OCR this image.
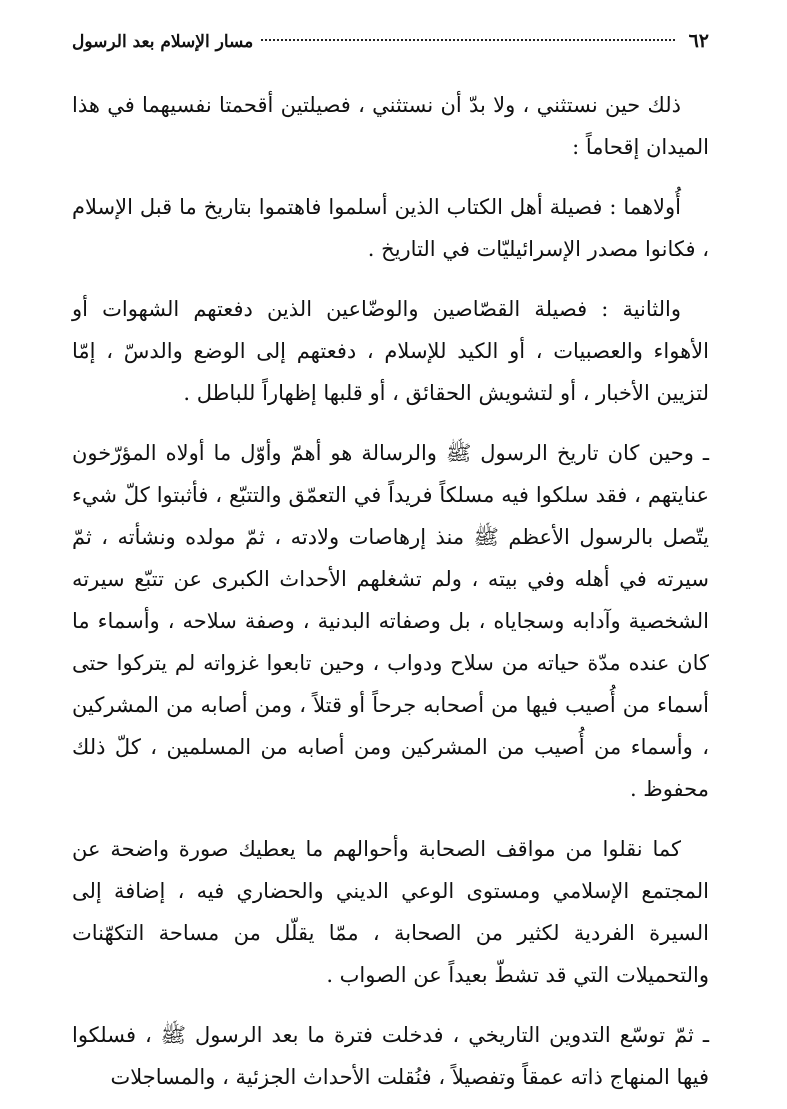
٦٢
مسار الإسلام بعد الرسول

ذلك حين نستثني ، ولا بدّ أن نستثني ، فصيلتين أقحمتا نفسيهما في هذا الميدان إقحاماً :

أُولاهما : فصيلة أهل الكتاب الذين أسلموا فاهتموا بتاريخ ما قبل الإسلام ، فكانوا مصدر الإسرائيليّات في التاريخ .

والثانية : فصيلة القصّاصين والوضّاعين الذين دفعتهم الشهوات أو الأهواء والعصبيات ، أو الكيد للإسلام ، دفعتهم إلى الوضع والدسّ ، إمّا لتزيين الأخبار ، أو لتشويش الحقائق ، أو قلبها إظهاراً للباطل .

ـ وحين كان تاريخ الرسول ﷺ والرسالة هو أهمّ وأوّل ما أولاه المؤرّخون عنايتهم ، فقد سلكوا فيه مسلكاً فريداً في التعمّق والتتبّع ، فأثبتوا كلّ شيء يتّصل بالرسول الأعظم ﷺ منذ إرهاصات ولادته ، ثمّ مولده ونشأته ، ثمّ سيرته في أهله وفي بيته ، ولم تشغلهم الأحداث الكبرى عن تتبّع سيرته الشخصية وآدابه وسجاياه ، بل وصفاته البدنية ، وصفة سلاحه ، وأسماء ما كان عنده مدّة حياته من سلاح ودواب ، وحين تابعوا غزواته لم يتركوا حتى أسماء من أُصيب فيها من أصحابه جرحاً أو قتلاً ، ومن أصابه من المشركين ، وأسماء من أُصيب من المشركين ومن أصابه من المسلمين ، كلّ ذلك محفوظ .

كما نقلوا من مواقف الصحابة وأحوالهم ما يعطيك صورة واضحة عن المجتمع الإسلامي ومستوى الوعي الديني والحضاري فيه ، إضافة إلى السيرة الفردية لكثير من الصحابة ، ممّا يقلّل من مساحة التكهّنات والتحميلات التي قد تشطّ بعيداً عن الصواب .

ـ ثمّ توسّع التدوين التاريخي ، فدخلت فترة ما بعد الرسول ﷺ ، فسلكوا فيها المنهاج ذاته عمقاً وتفصيلاً ، فنُقلت الأحداث الجزئية ، والمساجلات
